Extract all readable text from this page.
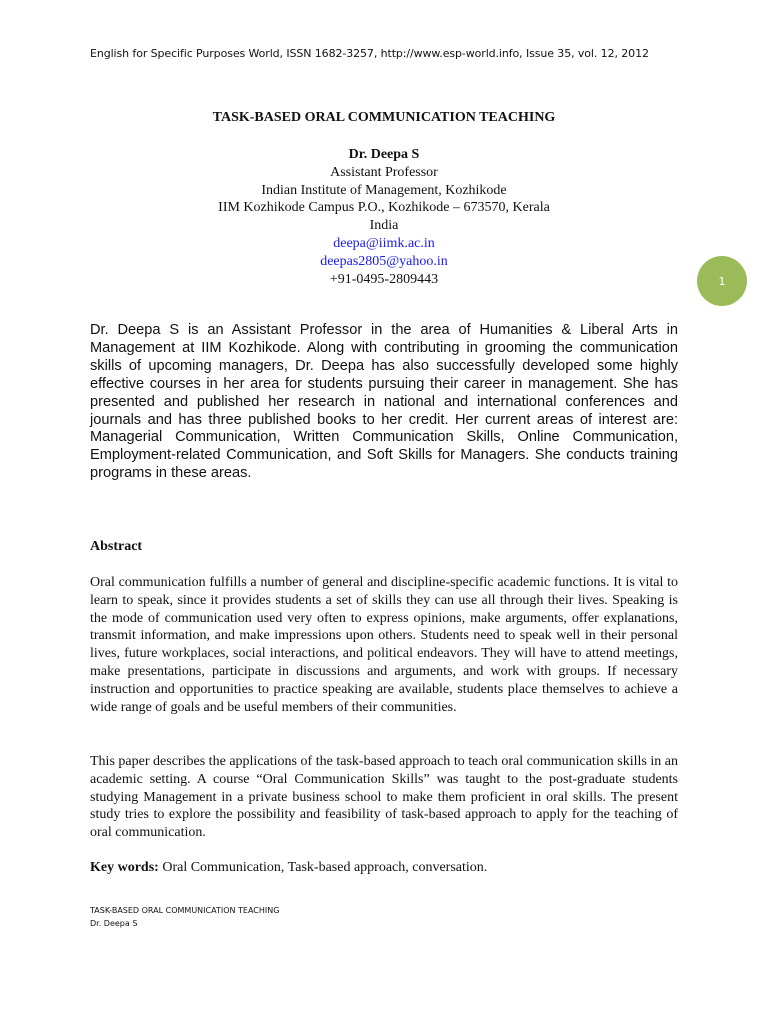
English for Specific Purposes World, ISSN 1682-3257, http://www.esp-world.info, Issue 35, vol. 12, 2012
TASK-BASED ORAL COMMUNICATION TEACHING
Dr. Deepa S
Assistant Professor
Indian Institute of Management, Kozhikode
IIM Kozhikode Campus P.O., Kozhikode – 673570, Kerala
India
deepa@iimk.ac.in
deepas2805@yahoo.in
+91-0495-2809443	1
Dr. Deepa S is an Assistant Professor in the area of Humanities & Liberal Arts in Management at IIM Kozhikode. Along with contributing in grooming the communication skills of upcoming managers, Dr. Deepa has also successfully developed some highly effective courses in her area for students pursuing their career in management. She has presented and published her research in national and international conferences and journals and has three published books to her credit. Her current areas of interest are: Managerial Communication, Written Communication Skills, Online Communication, Employment-related Communication, and Soft Skills for Managers. She conducts training programs in these areas.
Abstract
Oral communication fulfills a number of general and discipline-specific academic functions. It is vital to learn to speak, since it provides students a set of skills they can use all through their lives. Speaking is the mode of communication used very often to express opinions, make arguments, offer explanations, transmit information, and make impressions upon others. Students need to speak well in their personal lives, future workplaces, social interactions, and political endeavors. They will have to attend meetings, make presentations, participate in discussions and arguments, and work with groups. If necessary instruction and opportunities to practice speaking are available, students place themselves to achieve a wide range of goals and be useful members of their communities.
This paper describes the applications of the task-based approach to teach oral communication skills in an academic setting. A course “Oral Communication Skills” was taught to the post-graduate students studying Management in a private business school to make them proficient in oral skills. The present study tries to explore the possibility and feasibility of task-based approach to apply for the teaching of oral communication.
Key words: Oral Communication, Task-based approach, conversation.
TASK-BASED ORAL COMMUNICATION TEACHING
Dr. Deepa S
